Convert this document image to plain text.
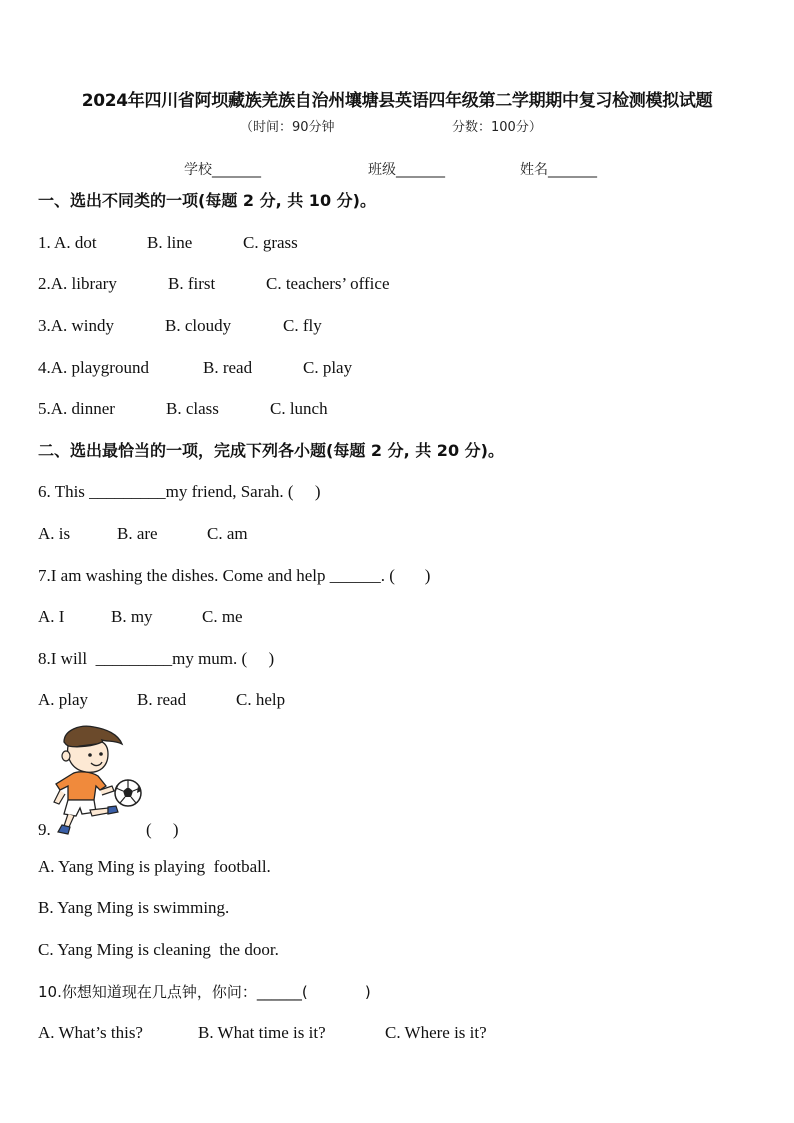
2024年四川省阿坝藏族羌族自治州壤塘县英语四年级第二学期期中复习检测模拟试题
（时间：90分钟	分数：100分）
学校_______	班级_______	姓名_______
一、选出不同类的一项(每题 2 分, 共 10 分)。
1. A. dot	B. line	C. grass
2.A. library	B. first	C. teachers’ office
3.A. windy	B. cloudy	C. fly
4.A. playground	B. read	C. play
5.A. dinner	B. class	C. lunch
二、选出最恰当的一项，完成下列各小题(每题 2 分, 共 20 分)。
6. This _________my friend, Sarah. (     )
A. is	B. are	C. am
7.I am washing the dishes. Come and help ______. (       )
A. I	B. my	C. me
8.I will  _________my mum. (     )
A. play	B. read	C. help
9.	(     )
A. Yang Ming is playing  football.
B. Yang Ming is swimming.
C. Yang Ming is cleaning  the door.
10.你想知道现在几点钟，你问：______(            )
A. What’s this?	B. What time is it?	C. Where is it?
